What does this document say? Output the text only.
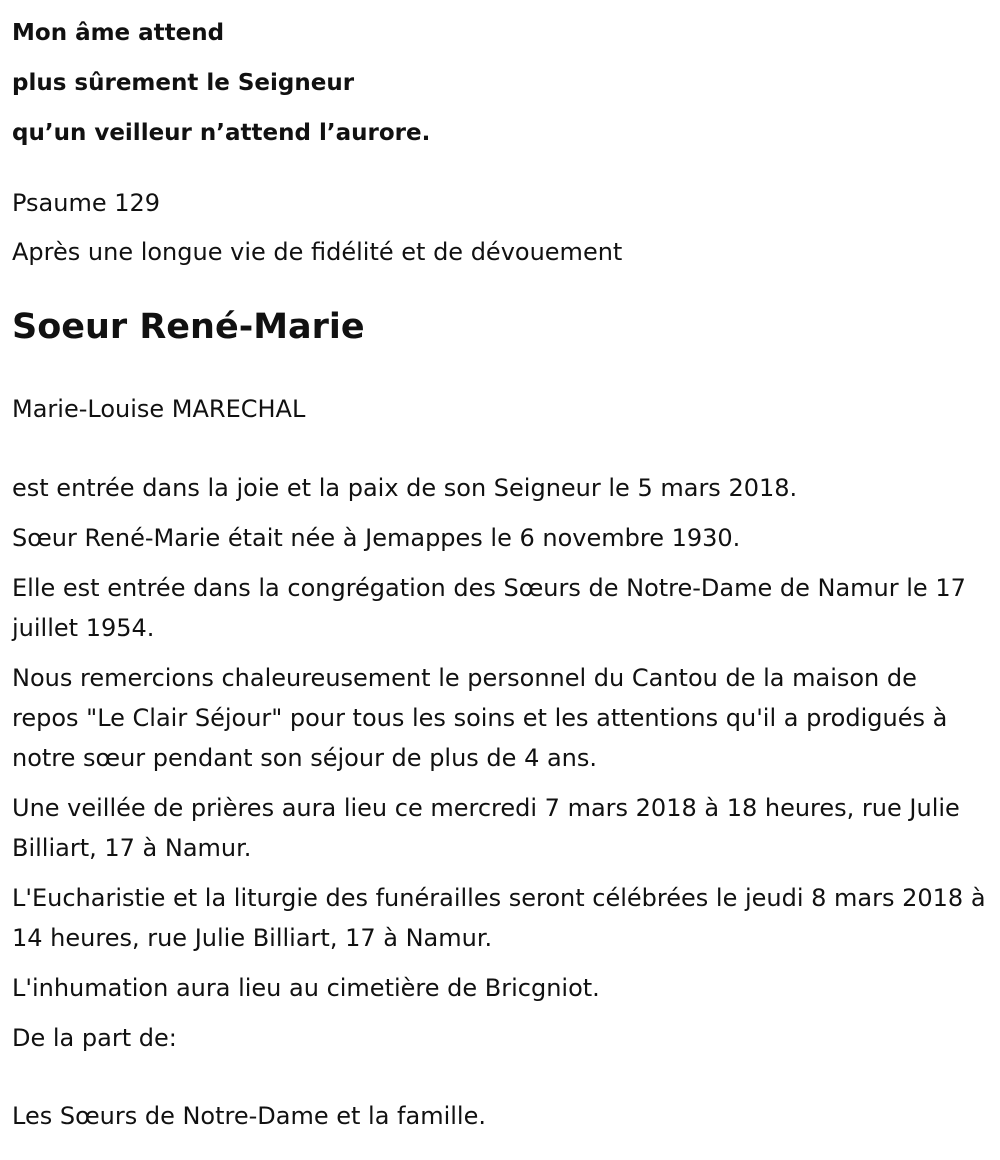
Mon âme attend
plus sûrement le Seigneur
qu’un veilleur n’attend l’aurore.
Psaume 129
Après une longue vie de fidélité et de dévouement
Soeur René-Marie
Marie-Louise MARECHAL
est entrée dans la joie et la paix de son Seigneur le 5 mars 2018.
Sœur René-Marie était née à Jemappes le 6 novembre 1930.
Elle est entrée dans la congrégation des Sœurs de Notre-Dame de Namur le 17 juillet 1954.
Nous remercions chaleureusement le personnel du Cantou de la maison de repos "Le Clair Séjour" pour tous les soins et les attentions qu'il a prodigués à notre sœur pendant son séjour de plus de 4 ans.
Une veillée de prières aura lieu ce mercredi 7 mars 2018 à 18 heures, rue Julie Billiart, 17 à Namur.
L'Eucharistie et la liturgie des funérailles seront célébrées le jeudi 8 mars 2018 à 14 heures, rue Julie Billiart, 17 à Namur.
L'inhumation aura lieu au cimetière de Bricgniot.
De la part de:
Les Sœurs de Notre-Dame et la famille.
